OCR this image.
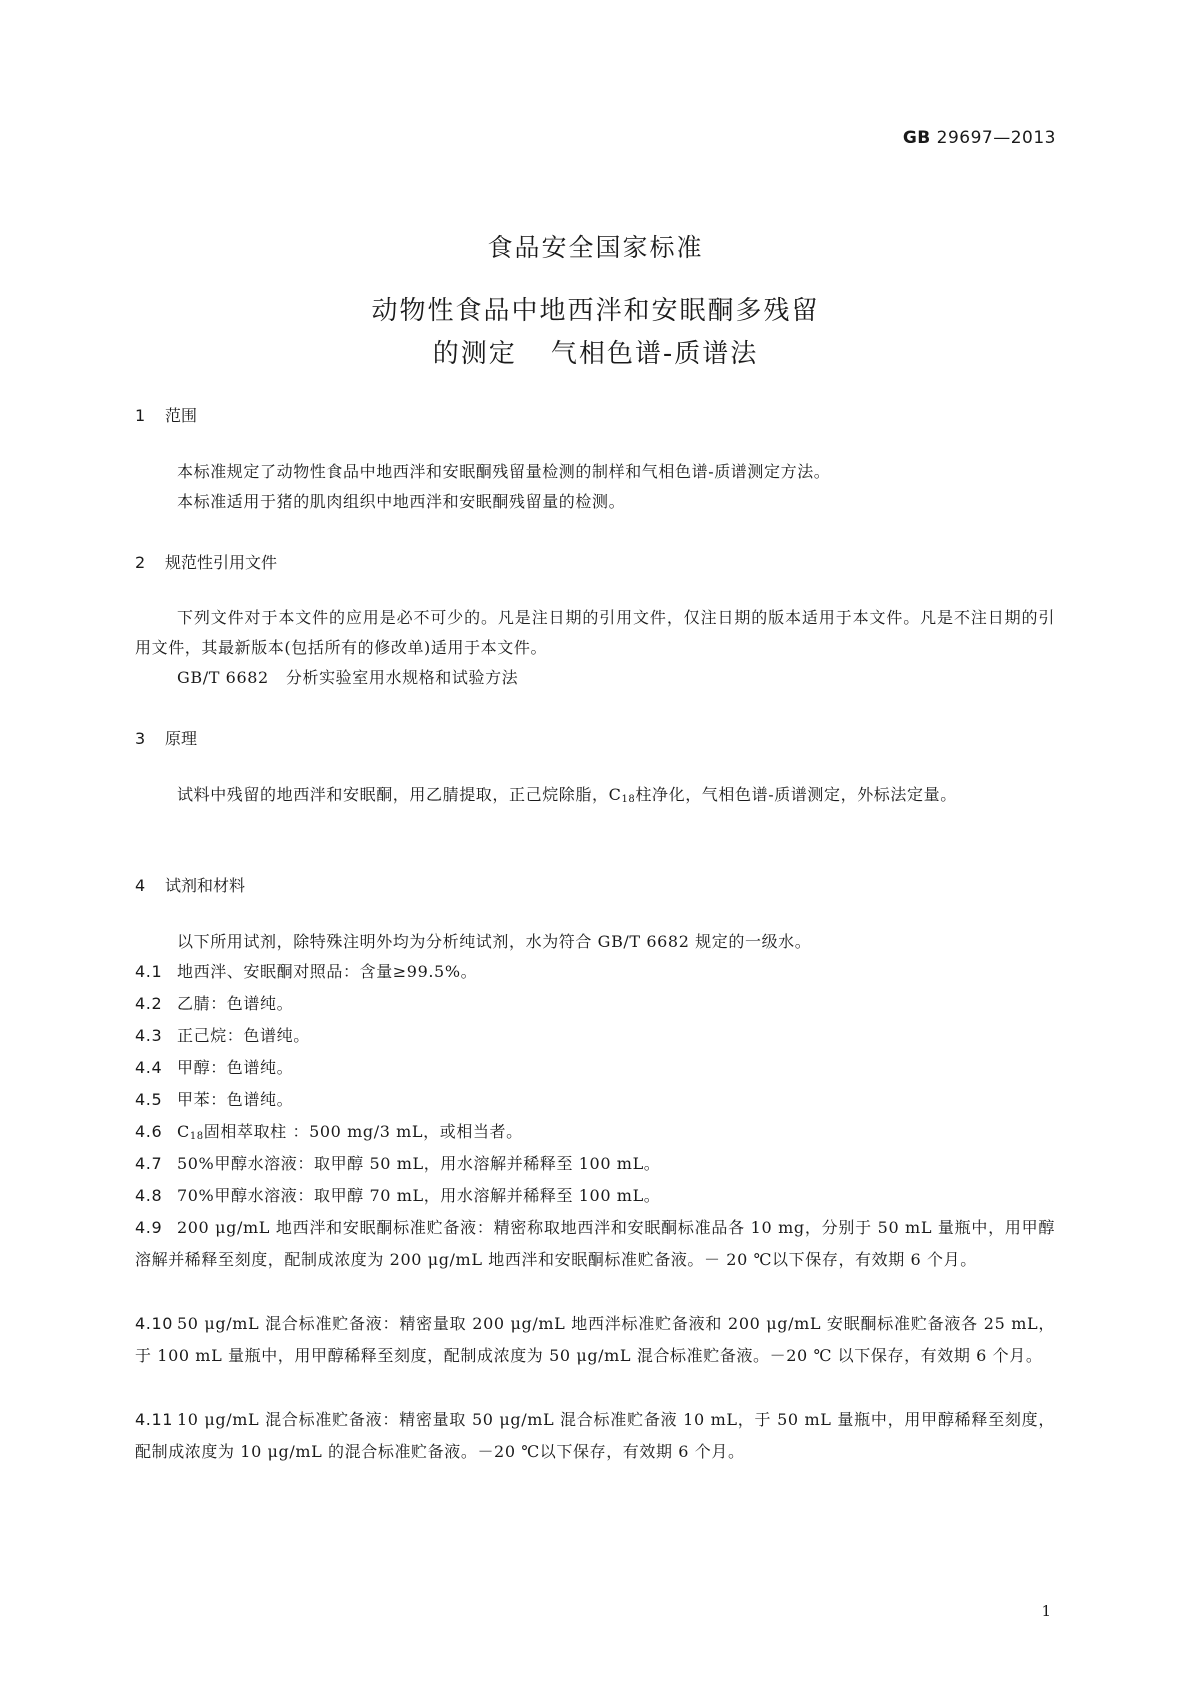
GB 29697—2013
食品安全国家标准
动物性食品中地西泮和安眠酮多残留
的测定 气相色谱-质谱法
1 范围
本标准规定了动物性食品中地西泮和安眠酮残留量检测的制样和气相色谱-质谱测定方法。
本标准适用于猪的肌肉组织中地西泮和安眠酮残留量的检测。
2 规范性引用文件
下列文件对于本文件的应用是必不可少的。凡是注日期的引用文件，仅注日期的版本适用于本文件。凡是不注日期的引用文件，其最新版本(包括所有的修改单)适用于本文件。
GB/T 6682 分析实验室用水规格和试验方法
3 原理
试料中残留的地西泮和安眠酮，用乙腈提取，正己烷除脂，$C_{18}$柱净化，气相色谱-质谱测定，外标法定量。
4 试剂和材料
以下所用试剂，除特殊注明外均为分析纯试剂，水为符合 GB/T 6682 规定的一级水。
4.1 地西泮、安眠酮对照品：含量≥99.5%。
4.2 乙腈：色谱纯。
4.3 正己烷：色谱纯。
4.4 甲醇：色谱纯。
4.5 甲苯：色谱纯。
4.6 $C_{18}$固相萃取柱 ：500 mg/3 mL，或相当者。
4.7 50%甲醇水溶液：取甲醇 50 mL，用水溶解并稀释至 100 mL。
4.8 70%甲醇水溶液：取甲醇 70 mL，用水溶解并稀释至 100 mL。
4.9 200 μg/mL 地西泮和安眠酮标准贮备液：精密称取地西泮和安眠酮标准品各 10 mg，分别于 50 mL 量瓶中，用甲醇溶解并稀释至刻度，配制成浓度为 200 μg/mL 地西泮和安眠酮标准贮备液。－ 20 ℃以下保存，有效期 6 个月。
4.10 50 μg/mL 混合标准贮备液：精密量取 200 μg/mL 地西泮标准贮备液和 200 μg/mL 安眠酮标准贮备液各 25 mL，于 100 mL 量瓶中，用甲醇稀释至刻度，配制成浓度为 50 μg/mL 混合标准贮备液。－20 ℃ 以下保存，有效期 6 个月。
4.11 10 μg/mL 混合标准贮备液：精密量取 50 μg/mL 混合标准贮备液 10 mL，于 50 mL 量瓶中，用甲醇稀释至刻度，配制成浓度为 10 μg/mL 的混合标准贮备液。－20 ℃以下保存，有效期 6 个月。
1
